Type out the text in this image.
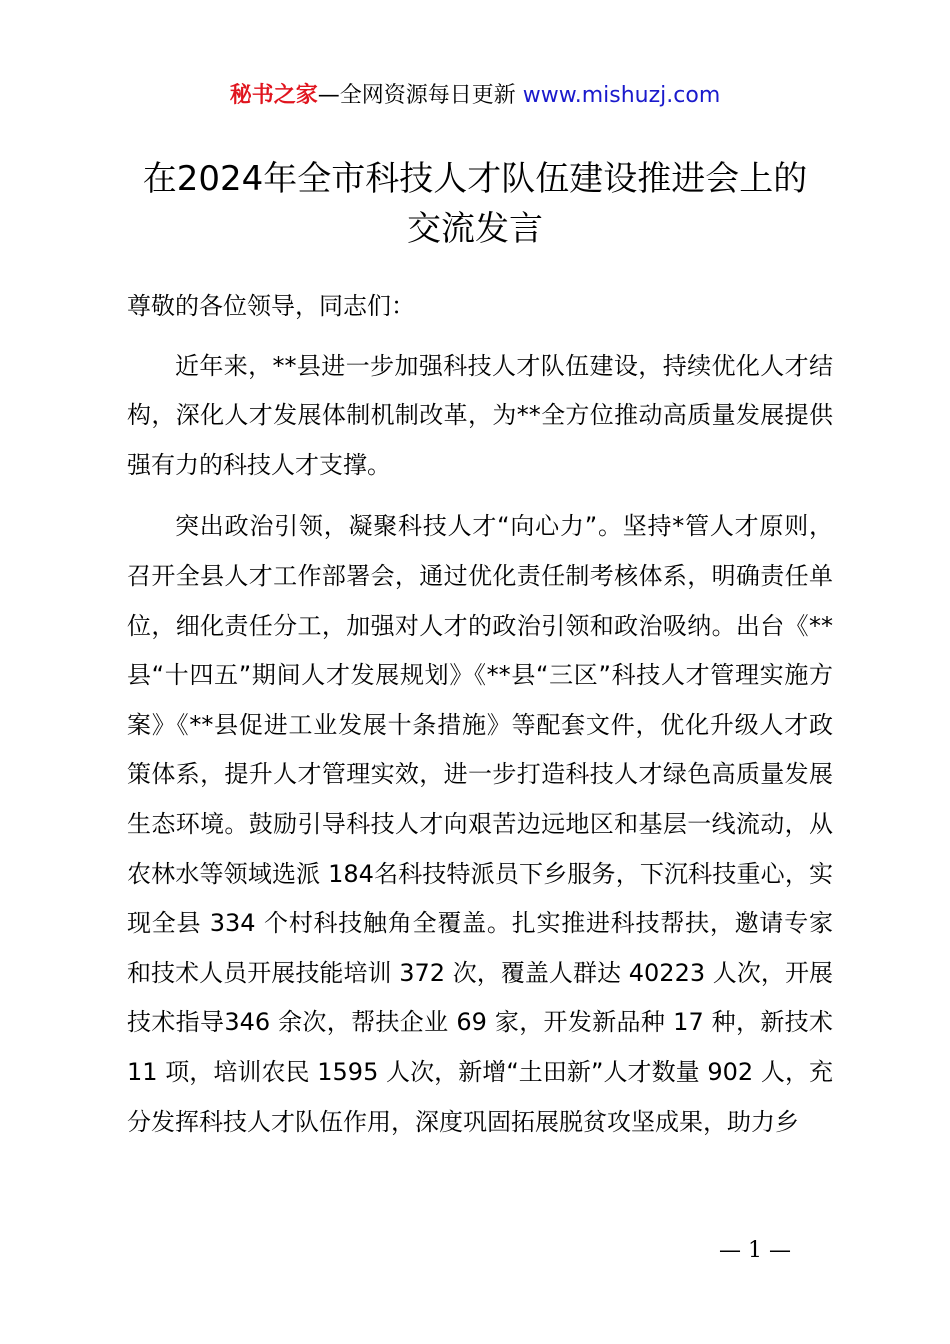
秘书之家—全网资源每日更新 www.mishuzj.com
在2024年全市科技人才队伍建设推进会上的
交流发言

尊敬的各位领导，同志们：

近年来，**县进一步加强科技人才队伍建设，持续优化人才结构，深化人才发展体制机制改革，为**全方位推动高质量发展提供强有力的科技人才支撑。

突出政治引领，凝聚科技人才“向心力”。坚持*管人才原则，召开全县人才工作部署会，通过优化责任制考核体系，明确责任单位，细化责任分工，加强对人才的政治引领和政治吸纳。出台《**县“十四五”期间人才发展规划》《**县“三区”科技人才管理实施方案》《**县促进工业发展十条措施》等配套文件，优化升级人才政策体系，提升人才管理实效，进一步打造科技人才绿色高质量发展生态环境。鼓励引导科技人才向艰苦边远地区和基层一线流动，从农林水等领域选派 184名科技特派员下乡服务，下沉科技重心，实现全县 334 个村科技触角全覆盖。扎实推进科技帮扶，邀请专家和技术人员开展技能培训 372 次，覆盖人群达 40223 人次，开展技术指导346 余次，帮扶企业 69 家，开发新品种 17 种，新技术 11 项，培训农民 1595 人次，新增“土田新”人才数量 902 人，充分发挥科技人才队伍作用，深度巩固拓展脱贫攻坚成果，助力乡

— 1 —
